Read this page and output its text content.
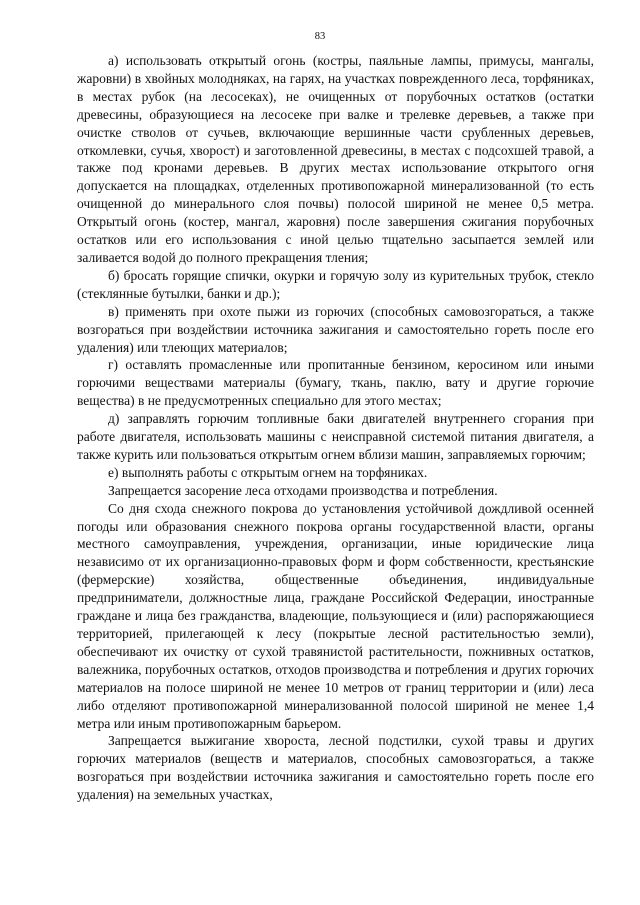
83

а) использовать открытый огонь (костры, паяльные лампы, примусы, мангалы, жаровни) в хвойных молодняках, на гарях, на участках поврежденного леса, торфяниках, в местах рубок (на лесосеках), не очищенных от порубочных остатков (остатки древесины, образующиеся на лесосеке при валке и трелевке деревьев, а также при очистке стволов от сучьев, включающие вершинные части срубленных деревьев, откомлевки, сучья, хворост) и заготовленной древесины, в местах с подсохшей травой, а также под кронами деревьев. В других местах использование открытого огня допускается на площадках, отделенных противопожарной минерализованной (то есть очищенной до минерального слоя почвы) полосой шириной не менее 0,5 метра. Открытый огонь (костер, мангал, жаровня) после завершения сжигания порубочных остатков или его использования с иной целью тщательно засыпается землей или заливается водой до полного прекращения тления;

б) бросать горящие спички, окурки и горячую золу из курительных трубок, стекло (стеклянные бутылки, банки и др.);

в) применять при охоте пыжи из горючих (способных самовозгораться, а также возгораться при воздействии источника зажигания и самостоятельно гореть после его удаления) или тлеющих материалов;

г) оставлять промасленные или пропитанные бензином, керосином или иными горючими веществами материалы (бумагу, ткань, паклю, вату и другие горючие вещества) в не предусмотренных специально для этого местах;

д) заправлять горючим топливные баки двигателей внутреннего сгорания при работе двигателя, использовать машины с неисправной системой питания двигателя, а также курить или пользоваться открытым огнем вблизи машин, заправляемых горючим;

е) выполнять работы с открытым огнем на торфяниках.

Запрещается засорение леса отходами производства и потребления.

Со дня схода снежного покрова до установления устойчивой дождливой осенней погоды или образования снежного покрова органы государственной власти, органы местного самоуправления, учреждения, организации, иные юридические лица независимо от их организационно-правовых форм и форм собственности, крестьянские (фермерские) хозяйства, общественные объединения, индивидуальные предприниматели, должностные лица, граждане Российской Федерации, иностранные граждане и лица без гражданства, владеющие, пользующиеся и (или) распоряжающиеся территорией, прилегающей к лесу (покрытые лесной растительностью земли), обеспечивают их очистку от сухой травянистой растительности, пожнивных остатков, валежника, порубочных остатков, отходов производства и потребления и других горючих материалов на полосе шириной не менее 10 метров от границ территории и (или) леса либо отделяют противопожарной минерализованной полосой шириной не менее 1,4 метра или иным противопожарным барьером.

Запрещается выжигание хвороста, лесной подстилки, сухой травы и других горючих материалов (веществ и материалов, способных самовозгораться, а также возгораться при воздействии источника зажигания и самостоятельно гореть после его удаления) на земельных участках,
